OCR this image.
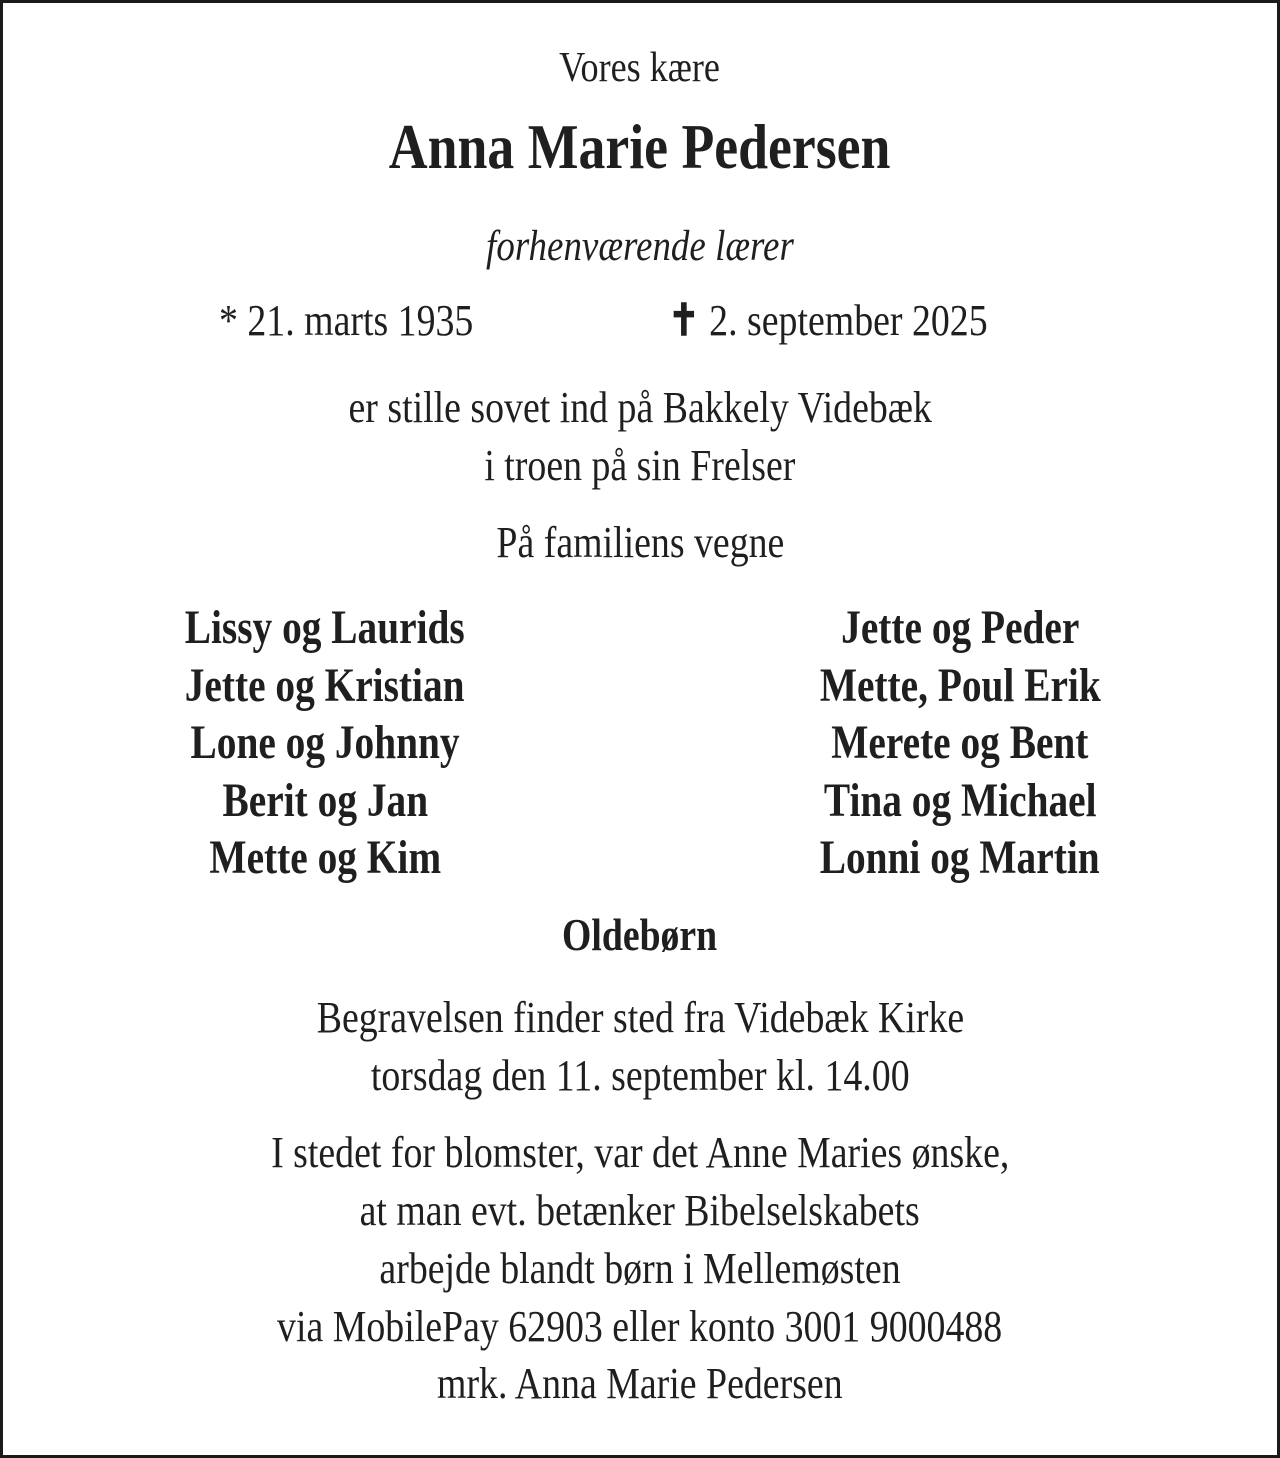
Vores kære
Anna Marie Pedersen
forhenværende lærer
* 21. marts 1935	✝ 2. september 2025
er stille sovet ind på Bakkely Videbæk
i troen på sin Frelser
På familiens vegne
Lissy og Laurids
Jette og Kristian
Lone og Johnny
Berit og Jan
Mette og Kim
Jette og Peder
Mette, Poul Erik
Merete og Bent
Tina og Michael
Lonni og Martin
Oldebørn
Begravelsen finder sted fra Videbæk Kirke
torsdag den 11. september kl. 14.00
I stedet for blomster, var det Anne Maries ønske,
at man evt. betænker Bibelselskabets
arbejde blandt børn i Mellemøsten
via MobilePay 62903 eller konto 3001 9000488
mrk. Anna Marie Pedersen
